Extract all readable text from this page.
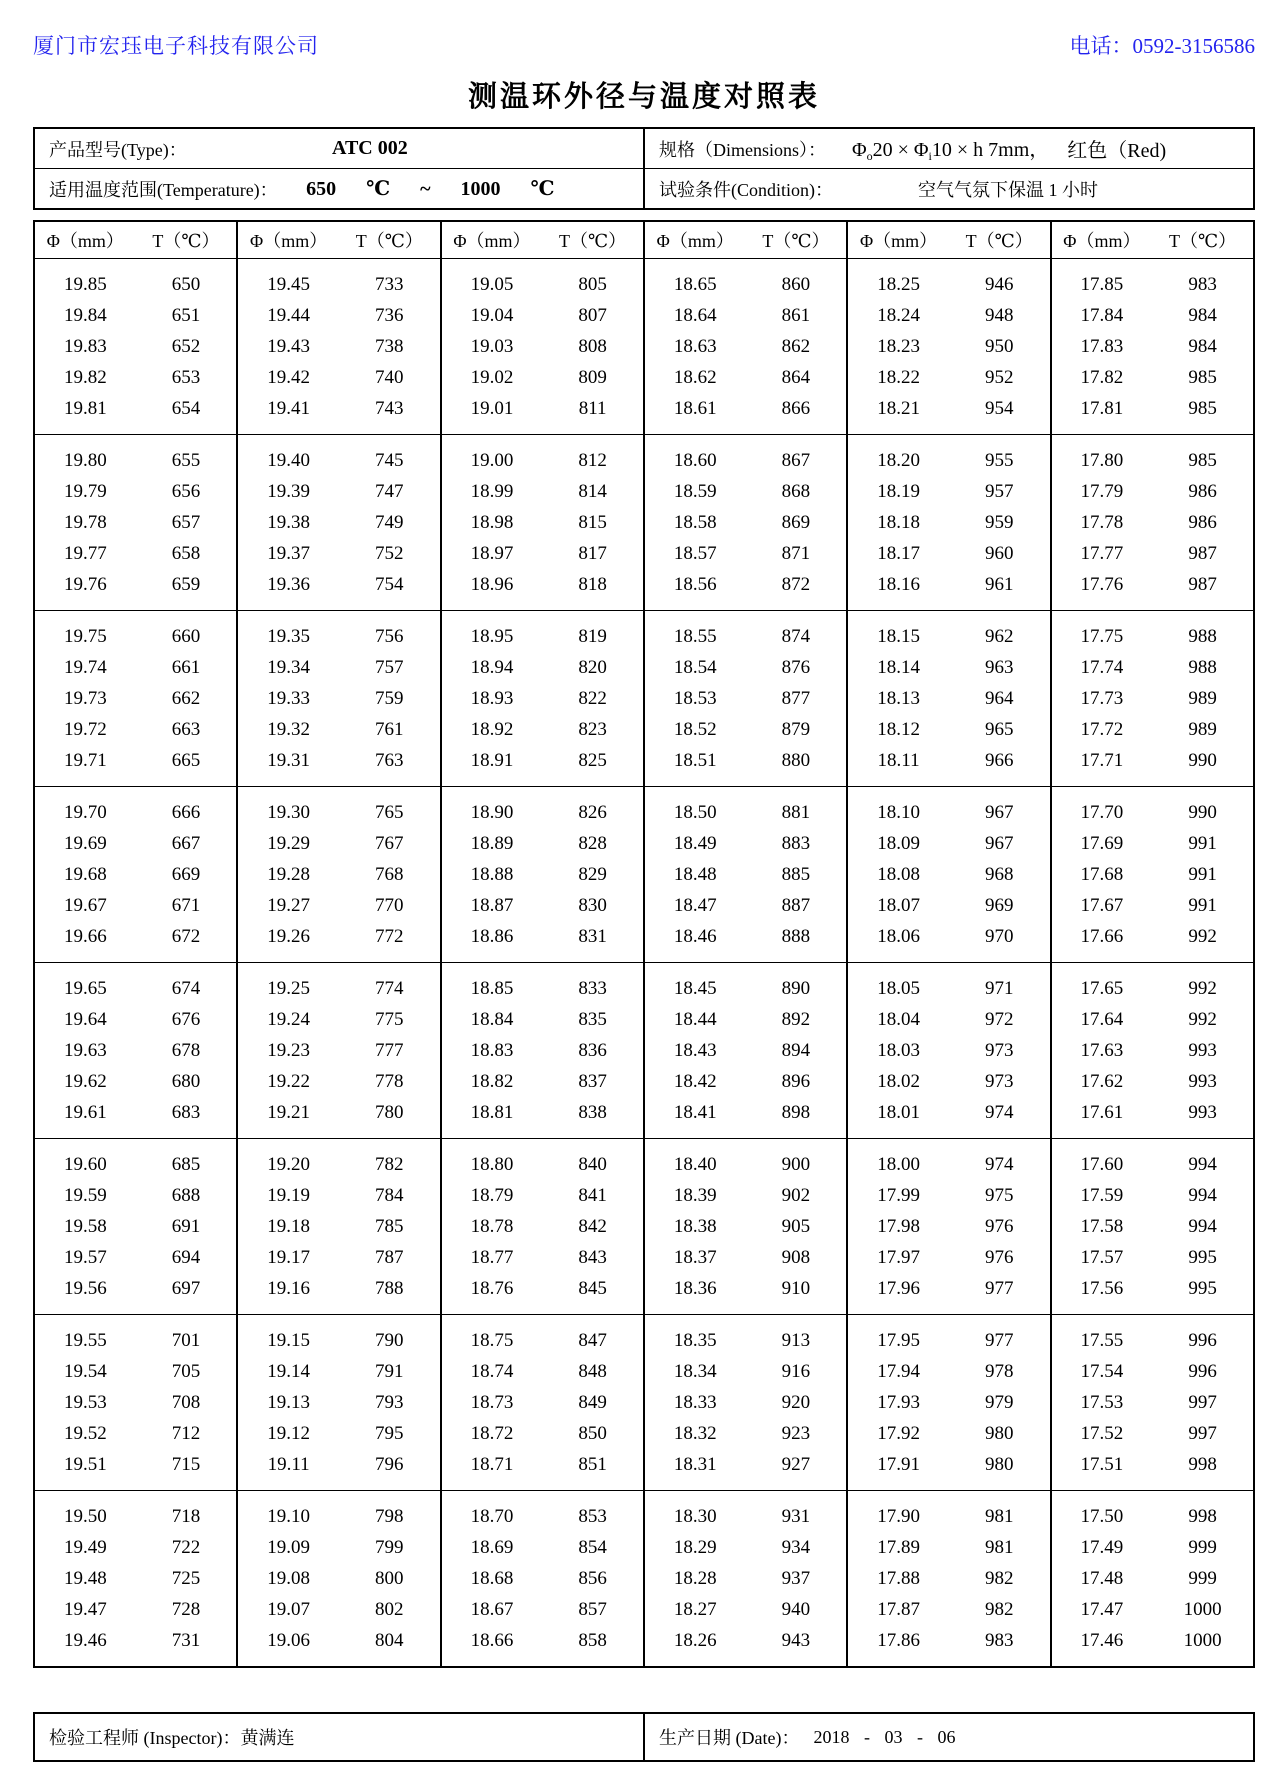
厦门市宏珏电子科技有限公司	电话：0592-3156586
测温环外径与温度对照表
产品型号(Type)： ATC 002	规格（Dimensions）： $\Phi_o20 \times \Phi_i10 \times h$ 7mm， 红色（Red)

适用温度范围(Temperature)： 650  ℃  ~  1000  ℃	试验条件(Condition)： 空气气氛下保温 1 小时
Φ（mm）	T（℃）	Φ（mm）	T（℃）	Φ（mm）	T（℃）	Φ（mm）	T（℃）	Φ（mm）	T（℃）	Φ（mm）	T（℃）
19.85	650	19.45	733	19.05	805	18.65	860	18.25	946	17.85	983
19.84	651	19.44	736	19.04	807	18.64	861	18.24	948	17.84	984
19.83	652	19.43	738	19.03	808	18.63	862	18.23	950	17.83	984
19.82	653	19.42	740	19.02	809	18.62	864	18.22	952	17.82	985
19.81	654	19.41	743	19.01	811	18.61	866	18.21	954	17.81	985
19.80	655	19.40	745	19.00	812	18.60	867	18.20	955	17.80	985
19.79	656	19.39	747	18.99	814	18.59	868	18.19	957	17.79	986
19.78	657	19.38	749	18.98	815	18.58	869	18.18	959	17.78	986
19.77	658	19.37	752	18.97	817	18.57	871	18.17	960	17.77	987
19.76	659	19.36	754	18.96	818	18.56	872	18.16	961	17.76	987
19.75	660	19.35	756	18.95	819	18.55	874	18.15	962	17.75	988
19.74	661	19.34	757	18.94	820	18.54	876	18.14	963	17.74	988
19.73	662	19.33	759	18.93	822	18.53	877	18.13	964	17.73	989
19.72	663	19.32	761	18.92	823	18.52	879	18.12	965	17.72	989
19.71	665	19.31	763	18.91	825	18.51	880	18.11	966	17.71	990
19.70	666	19.30	765	18.90	826	18.50	881	18.10	967	17.70	990
19.69	667	19.29	767	18.89	828	18.49	883	18.09	967	17.69	991
19.68	669	19.28	768	18.88	829	18.48	885	18.08	968	17.68	991
19.67	671	19.27	770	18.87	830	18.47	887	18.07	969	17.67	991
19.66	672	19.26	772	18.86	831	18.46	888	18.06	970	17.66	992
19.65	674	19.25	774	18.85	833	18.45	890	18.05	971	17.65	992
19.64	676	19.24	775	18.84	835	18.44	892	18.04	972	17.64	992
19.63	678	19.23	777	18.83	836	18.43	894	18.03	973	17.63	993
19.62	680	19.22	778	18.82	837	18.42	896	18.02	973	17.62	993
19.61	683	19.21	780	18.81	838	18.41	898	18.01	974	17.61	993
19.60	685	19.20	782	18.80	840	18.40	900	18.00	974	17.60	994
19.59	688	19.19	784	18.79	841	18.39	902	17.99	975	17.59	994
19.58	691	19.18	785	18.78	842	18.38	905	17.98	976	17.58	994
19.57	694	19.17	787	18.77	843	18.37	908	17.97	976	17.57	995
19.56	697	19.16	788	18.76	845	18.36	910	17.96	977	17.56	995
19.55	701	19.15	790	18.75	847	18.35	913	17.95	977	17.55	996
19.54	705	19.14	791	18.74	848	18.34	916	17.94	978	17.54	996
19.53	708	19.13	793	18.73	849	18.33	920	17.93	979	17.53	997
19.52	712	19.12	795	18.72	850	18.32	923	17.92	980	17.52	997
19.51	715	19.11	796	18.71	851	18.31	927	17.91	980	17.51	998
19.50	718	19.10	798	18.70	853	18.30	931	17.90	981	17.50	998
19.49	722	19.09	799	18.69	854	18.29	934	17.89	981	17.49	999
19.48	725	19.08	800	18.68	856	18.28	937	17.88	982	17.48	999
19.47	728	19.07	802	18.67	857	18.27	940	17.87	982	17.47	1000
19.46	731	19.06	804	18.66	858	18.26	943	17.86	983	17.46	1000
检验工程师 (Inspector)： 黄满连	生产日期 (Date)： 2018 - 03 - 06
